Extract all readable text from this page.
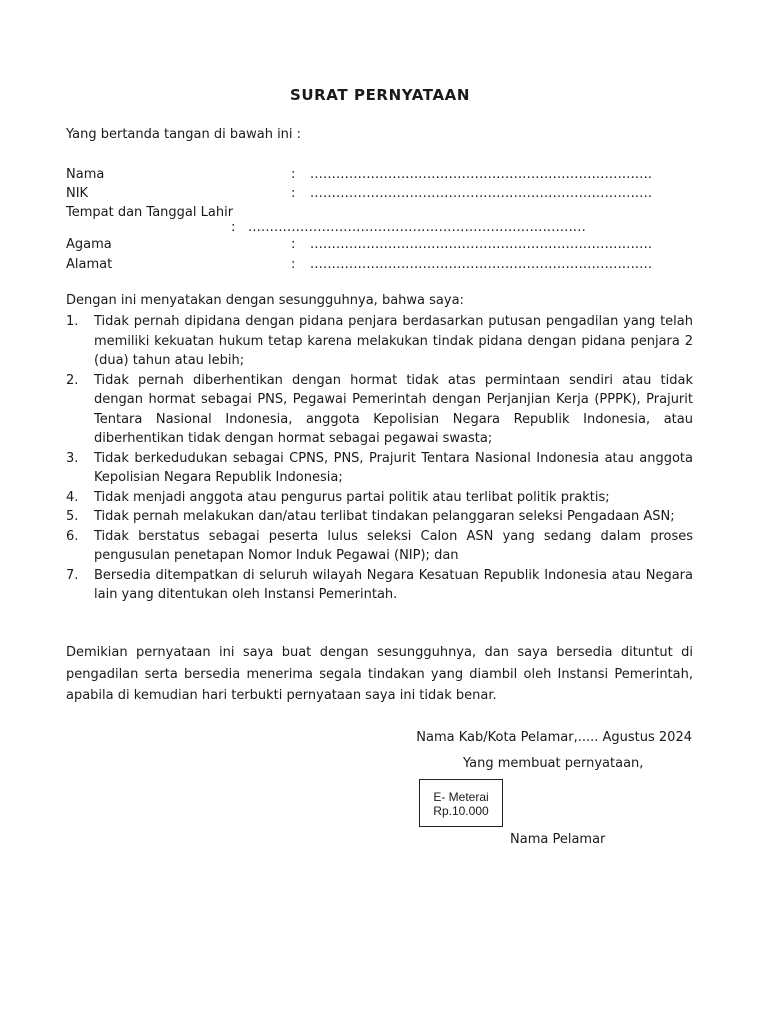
SURAT PERNYATAAN
Yang bertanda tangan di bawah ini :
Nama	: ...............................................................................
NIK	: ...............................................................................
Tempat dan Tanggal Lahir
: ..............................................................................
Agama	: ...............................................................................
Alamat	: ...............................................................................
Dengan ini menyatakan dengan sesungguhnya, bahwa saya:
1. Tidak pernah dipidana dengan pidana penjara berdasarkan putusan pengadilan yang telah memiliki kekuatan hukum tetap karena melakukan tindak pidana dengan pidana penjara 2 (dua) tahun atau lebih;
2. Tidak pernah diberhentikan dengan hormat tidak atas permintaan sendiri atau tidak dengan hormat sebagai PNS, Pegawai Pemerintah dengan Perjanjian Kerja (PPPK), Prajurit Tentara Nasional Indonesia, anggota Kepolisian Negara Republik Indonesia, atau diberhentikan tidak dengan hormat sebagai pegawai swasta;
3. Tidak berkedudukan sebagai CPNS, PNS, Prajurit Tentara Nasional Indonesia atau anggota Kepolisian Negara Republik Indonesia;
4. Tidak menjadi anggota atau pengurus partai politik atau terlibat politik praktis;
5. Tidak pernah melakukan dan/atau terlibat tindakan pelanggaran seleksi Pengadaan ASN;
6. Tidak berstatus sebagai peserta lulus seleksi Calon ASN yang sedang dalam proses pengusulan penetapan Nomor Induk Pegawai (NIP); dan
7. Bersedia ditempatkan di seluruh wilayah Negara Kesatuan Republik Indonesia atau Negara lain yang ditentukan oleh Instansi Pemerintah.
Demikian pernyataan ini saya buat dengan sesungguhnya, dan saya bersedia dituntut di pengadilan serta bersedia menerima segala tindakan yang diambil oleh Instansi Pemerintah, apabila di kemudian hari terbukti pernyataan saya ini tidak benar.
Nama Kab/Kota Pelamar,..... Agustus 2024
Yang membuat pernyataan,
E- Meterai
Rp.10.000
Nama Pelamar
